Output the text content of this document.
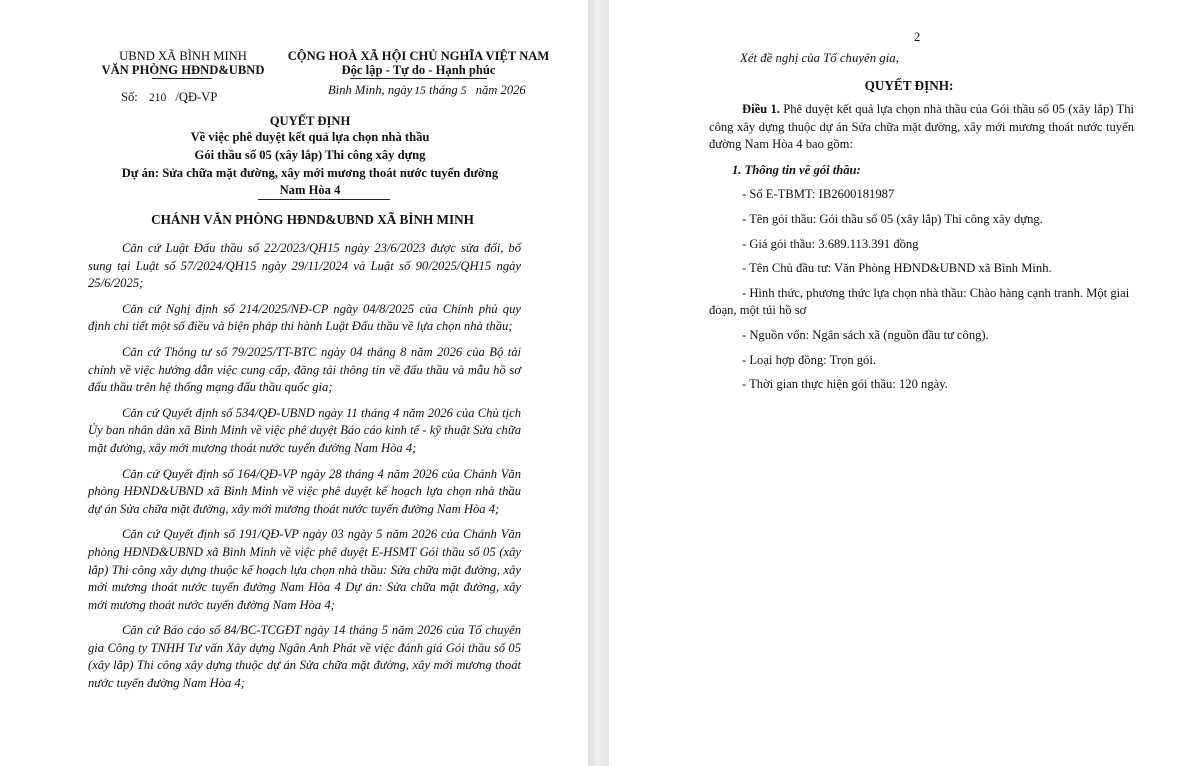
UBND XÃ BÌNH MINH
VĂN PHÒNG HĐND&UBND
Số: 210 /QĐ-VP
CỘNG HOÀ XÃ HỘI CHỦ NGHĨA VIỆT NAM
Độc lập - Tự do - Hạnh phúc
Bình Minh, ngày 15 tháng 5 năm 2026
QUYẾT ĐỊNH
Về việc phê duyệt kết quả lựa chọn nhà thầu
Gói thầu số 05 (xây lắp) Thi công xây dựng
Dự án: Sửa chữa mặt đường, xây mới mương thoát nước tuyến đường
Nam Hòa 4
CHÁNH VĂN PHÒNG HĐND&UBND XÃ BÌNH MINH

Căn cứ Luật Đấu thầu số 22/2023/QH15 ngày 23/6/2023 được sửa đổi, bổ sung tại Luật số 57/2024/QH15 ngày 29/11/2024 và Luật số 90/2025/QH15 ngày 25/6/2025;

Căn cứ Nghị định số 214/2025/NĐ-CP ngày 04/8/2025 của Chính phủ quy định chi tiết một số điều và biện pháp thi hành Luật Đấu thầu về lựa chọn nhà thầu;

Căn cứ Thông tư số 79/2025/TT-BTC ngày 04 tháng 8 năm 2026 của Bộ tài chính về việc hướng dẫn việc cung cấp, đăng tải thông tin về đấu thầu và mẫu hồ sơ đấu thầu trên hệ thống mạng đấu thầu quốc gia;

Căn cứ Quyết định số 534/QĐ-UBND ngày 11 tháng 4 năm 2026 của Chủ tịch Ủy ban nhân dân xã Bình Minh về việc phê duyệt Báo cáo kinh tế - kỹ thuật Sửa chữa mặt đường, xây mới mương thoát nước tuyến đường Nam Hòa 4;

Căn cứ Quyết định số 164/QĐ-VP ngày 28 tháng 4 năm 2026 của Chánh Văn phòng HĐND&UBND xã Bình Minh về việc phê duyệt kế hoạch lựa chọn nhà thầu dự án Sửa chữa mặt đường, xây mới mương thoát nước tuyến đường Nam Hòa 4;

Căn cứ Quyết định số 191/QĐ-VP ngày 03 ngày 5 năm 2026 của Chánh Văn phòng HĐND&UBND xã Bình Minh về việc phê duyệt E-HSMT Gói thầu số 05 (xây lắp) Thi công xây dựng thuộc kế hoạch lựa chọn nhà thầu: Sửa chữa mặt đường, xây mới mương thoát nước tuyến đường Nam Hòa 4 Dự án: Sửa chữa mặt đường, xây mới mương thoát nước tuyến đường Nam Hòa 4;

Căn cứ Báo cáo số 84/BC-TCGĐT ngày 14 tháng 5 năm 2026 của Tổ chuyên gia Công ty TNHH Tư vấn Xây dựng Ngân Anh Phát về việc đánh giá Gói thầu số 05 (xây lắp) Thi công xây dựng thuộc dự án Sửa chữa mặt đường, xây mới mương thoát nước tuyến đường Nam Hòa 4;

2
Xét đề nghị của Tổ chuyên gia,
QUYẾT ĐỊNH:

Điều 1. Phê duyệt kết quả lựa chọn nhà thầu của Gói thầu số 05 (xây lắp) Thi công xây dựng thuộc dự án Sửa chữa mặt đường, xây mới mương thoát nước tuyến đường Nam Hòa 4 bao gồm:

1. Thông tin về gói thầu:

- Số E-TBMT: IB2600181987

- Tên gói thầu: Gói thầu số 05 (xây lắp) Thi công xây dựng.

- Giá gói thầu: 3.689.113.391 đồng

- Tên Chủ đầu tư: Văn Phòng HĐND&UBND xã Bình Minh.

- Hình thức, phương thức lựa chọn nhà thầu: Chào hàng cạnh tranh. Một giai đoạn, một túi hồ sơ

- Nguồn vốn: Ngân sách xã (nguồn đầu tư công).

- Loại hợp đồng: Trọn gói.

- Thời gian thực hiện gói thầu: 120 ngày.
